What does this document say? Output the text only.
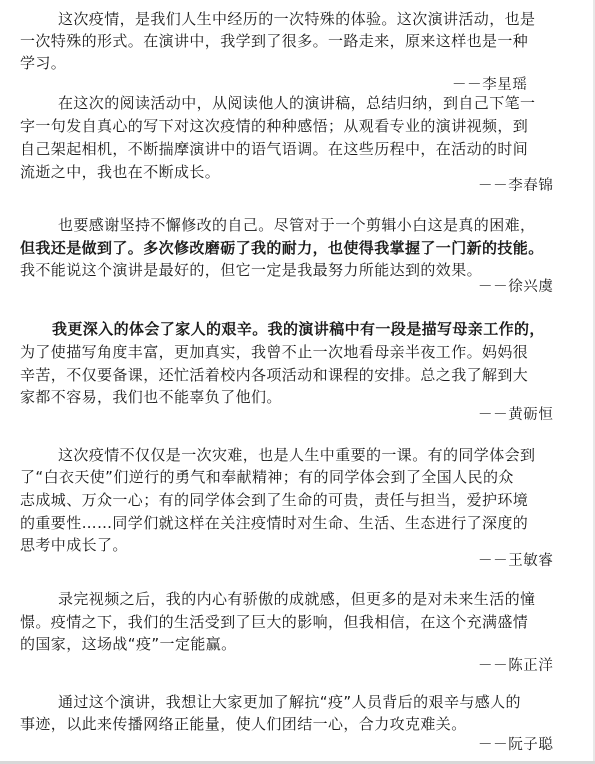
这次疫情，是我们人生中经历的一次特殊的体验。这次演讲活动，也是
一次特殊的形式。在演讲中，我学到了很多。一路走来，原来这样也是一种
学习。
－－李星瑶
在这次的阅读活动中，从阅读他人的演讲稿，总结归纳，到自己下笔一
字一句发自真心的写下对这次疫情的种种感悟；从观看专业的演讲视频，到
自己架起相机，不断揣摩演讲中的语气语调。在这些历程中，在活动的时间
流逝之中，我也在不断成长。
－－李春锦
也要感谢坚持不懈修改的自己。尽管对于一个剪辑小白这是真的困难，
但我还是做到了。多次修改磨砺了我的耐力，也使得我掌握了一门新的技能。
我不能说这个演讲是最好的，但它一定是我最努力所能达到的效果。
－－徐兴虞
我更深入的体会了家人的艰辛。我的演讲稿中有一段是描写母亲工作的，
为了使描写角度丰富，更加真实，我曾不止一次地看母亲半夜工作。妈妈很
辛苦，不仅要备课，还忙活着校内各项活动和课程的安排。总之我了解到大
家都不容易，我们也不能辜负了他们。
－－黄砺恒
这次疫情不仅仅是一次灾难，也是人生中重要的一课。有的同学体会到
了“白衣天使”们逆行的勇气和奉献精神；有的同学体会到了全国人民的众
志成城、万众一心；有的同学体会到了生命的可贵，责任与担当，爱护环境
的重要性……同学们就这样在关注疫情时对生命、生活、生态进行了深度的
思考中成长了。
－－王敏睿
录完视频之后，我的内心有骄傲的成就感，但更多的是对未来生活的憧
憬。疫情之下，我们的生活受到了巨大的影响，但我相信，在这个充满盛情
的国家，这场战“疫”一定能赢。
－－陈正洋
通过这个演讲，我想让大家更加了解抗“疫”人员背后的艰辛与感人的
事迹，以此来传播网络正能量，使人们团结一心，合力攻克难关。
－－阮子聪
